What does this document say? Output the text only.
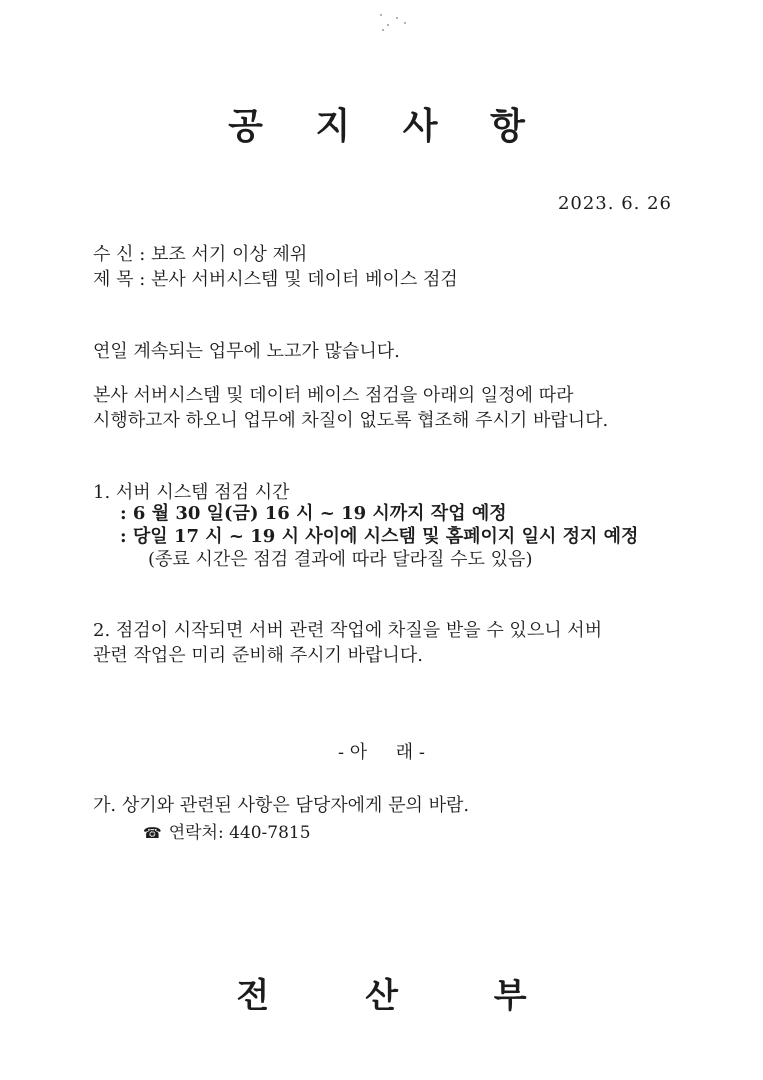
공 지 사 항
2023. 6. 26
수 신 : 보조 서기 이상 제위
제 목 : 본사 서버시스템 및 데이터 베이스 점검
연일 계속되는 업무에 노고가 많습니다.
본사 서버시스템 및 데이터 베이스 점검을 아래의 일정에 따라
시행하고자 하오니 업무에 차질이 없도록 협조해 주시기 바랍니다.
1. 서버 시스템 점검 시간
: 6 월 30 일(금) 16 시 ~ 19 시까지 작업 예정
: 당일 17 시 ~ 19 시 사이에 시스템 및 홈페이지 일시 정지 예정
(종료 시간은 점검 결과에 따라 달라질 수도 있음)
2. 점검이 시작되면 서버 관련 작업에 차질을 받을 수 있으니 서버
관련 작업은 미리 준비해 주시기 바랍니다.
- 아     래 -
가. 상기와 관련된 사항은 담당자에게 문의 바람.
☎ 연락처: 440-7815
전 산 부
